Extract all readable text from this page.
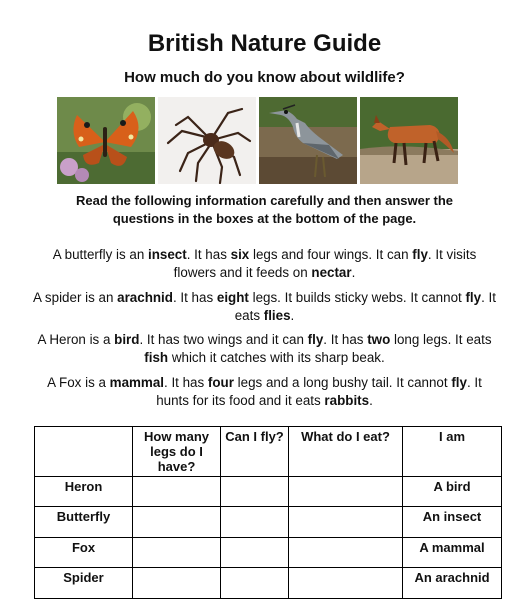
British Nature Guide
How much do you know about wildlife?
Read the following information carefully and then answer the questions in the boxes at the bottom of the page.
A butterfly is an insect. It has six legs and four wings. It can fly. It visits flowers and it feeds on nectar.
A spider is an arachnid. It has eight legs. It builds sticky webs. It cannot fly. It eats flies.
A Heron is a bird. It has two wings and it can fly. It has two long legs. It eats fish which it catches with its sharp beak.
A Fox is a mammal. It has four legs and a long bushy tail. It cannot fly. It hunts for its food and it eats rabbits.
	How many legs do I have?	Can I fly?	What do I eat?	I am
Heron				A bird
Butterfly				An insect
Fox				A mammal
Spider				An arachnid
